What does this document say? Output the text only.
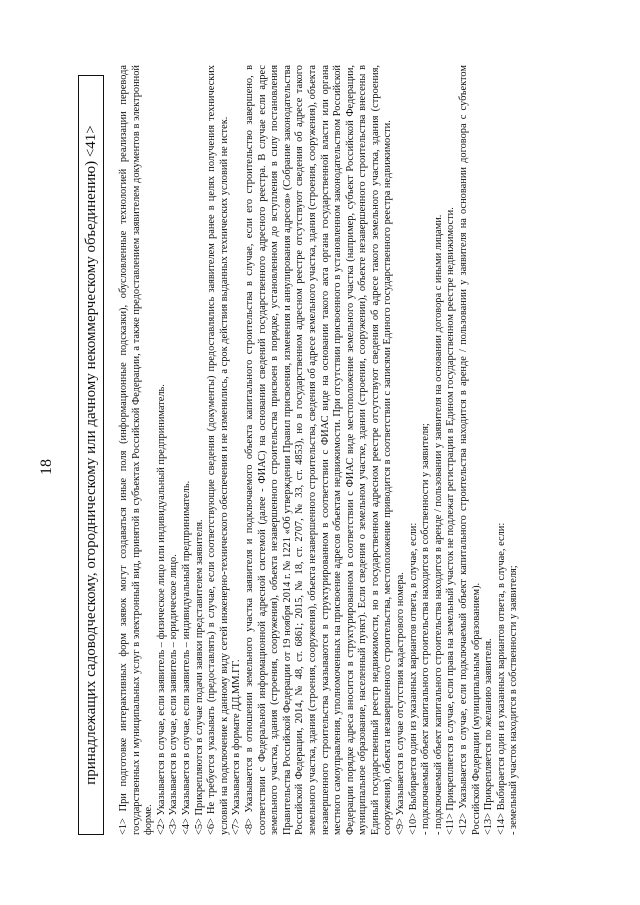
18	принадлежащих садоводческому, огородническому или дачному некоммерческому объединению) <41>	<1> При подготовке интерактивных форм заявок могут создаваться иные поля (информационные подсказки), обусловленные технологией реализации перевода государственных и муниципальных услуг в электронный вид, принятой в субъектах Российской Федерации, а также предоставлением заявителем документов в электронной форме. <2> Указывается в случае, если заявитель – физическое лицо или индивидуальный предприниматель. <3> Указывается в случае, если заявитель – юридическое лицо. <4> Указывается в случае, если заявитель – индивидуальный предприниматель. <5> Прикрепляются в случае подачи заявки представителем заявителя. <6> Не требуется указывать (предоставлять) в случае, если соответствующие сведения (документы) предоставлялись заявителем ранее в целях получения технических условий на подключение к данному виду сетей инженерно-технического обеспечения и не изменились, а срок действия выданных технических условий не истек. <7> Указывается в формате ДД.ММ.ГГ. <8> Указывается в отношении земельного участка заявителя и подключаемого объекта капитального строительства в случае, если его строительство завершено, в соответствии с Федеральной информационной адресной системой (далее - ФИАС) на основании сведений государственного адресного реестра. В случае если адрес земельного участка, здания (строения, сооружения), объекта незавершенного строительства присвоен в порядке, установленном до вступления в силу постановления Правительства Российской Федерации от 19 ноября 2014 г. № 1221 «Об утверждении Правил присвоения, изменения и аннулирования адресов» (Собрание законодательства Российской Федерации, 2014, № 48, ст. 6861; 2015, № 18, ст. 2707, № 33, ст. 4853), но в государственном адресном реестре отсутствуют сведения об адресе такого земельного участка, здания (строения, сооружения), объекта незавершенного строительства, сведения об адресе земельного участка, здания (строения, сооружения), объекта незавершенного строительства указываются в структурированном в соответствии с ФИАС виде на основании такого акта органа государственной власти или органа местного самоуправления, уполномоченных на присвоение адресов объектам недвижимости. При отсутствии присвоенного в установленном законодательством Российской Федерации порядке адреса вносится в структурированном в соответствии с ФИАС виде местоположение земельного участка (например, субъект Российской Федерации, муниципальное образование, населенный пункт). Если сведения о земельном участке, здании (строении, сооружении), объекте незавершенного строительства внесены в Единый государственный реестр недвижимости, но в государственном адресном реестре отсутствуют сведения об адресе такого земельного участка, здания (строения, сооружения), объекта незавершенного строительства, местоположение приводится в соответствии с записями Единого государственного реестра недвижимости. <9> Указывается в случае отсутствия кадастрового номера. <10> Выбирается один из указанных вариантов ответа, в случае, если: - подключаемый объект капитального строительства находится в собственности у заявителя; - подключаемый объект капитального строительства находится в аренде / пользовании у заявителя на основании договора с иными лицами. <11> Прикрепляется в случае, если права на земельный участок не подлежат регистрации в Едином государственном реестре недвижимости. <12> Указывается в случае, если подключаемый объект капитального строительства находится в аренде / пользовании у заявителя на основании договора с субъектом Российской Федерации (муниципальным образованием). <13> Прикрепляется по желанию заявителя. <14> Выбирается один из указанных вариантов ответа, в случае, если: - земельный участок находится в собственности у заявителя;
